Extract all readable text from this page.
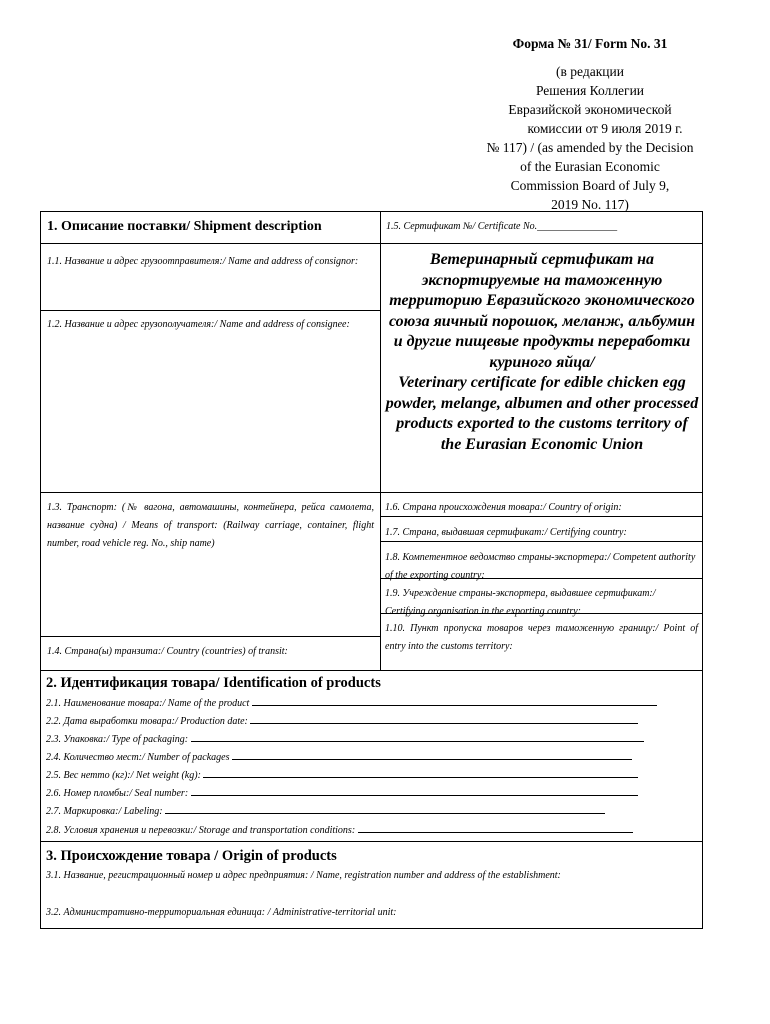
Форма № 31/ Form No. 31
(в редакции
Решения Коллегии
Евразийской экономической
комиссии от 9 июля 2019 г.
№ 117) / (as amended by the Decision
of the Eurasian Economic
Commission Board of July 9,
2019 No. 117)
1. Описание поставки/ Shipment description	1.5. Сертификат №/ Certificate No.________________
1.1. Название и адрес грузоотправителя:/ Name and address of consignor:
1.2. Название и адрес грузополучателя:/ Name and address of consignee:
Ветеринарный сертификат на экспортируемые на таможенную территорию Евразийского экономического союза яичный порошок, меланж, альбумин и другие пищевые продукты переработки куриного яйца/
Veterinary certificate for edible chicken egg powder, melange, albumen and other processed products exported to the customs territory of the Eurasian Economic Union
1.3. Транспорт: (№ вагона, автомашины, контейнера, рейса самолета, название судна) / Means of transport: (Railway carriage, container, flight number, road vehicle reg. No., ship name)
1.4. Страна(ы) транзита:/ Country (countries) of transit:
1.6. Страна происхождения товара:/ Country of origin:
1.7. Страна, выдавшая сертификат:/ Certifying country:
1.8. Компетентное ведомство страны-экспортера:/ Competent authority of the exporting country:
1.9. Учреждение страны-экспортера, выдавшее сертификат:/ Certifying organisation in the exporting country:
1.10. Пункт пропуска товаров через таможенную границу:/ Point of entry into the customs territory:
2. Идентификация товара/ Identification of products
2.1. Наименование товара:/ Name of the product
2.2. Дата выработки товара:/ Production date:
2.3. Упаковка:/ Type of packaging:
2.4. Количество мест:/ Number of packages
2.5. Вес нетто (кг):/ Net weight (kg):
2.6. Номер пломбы:/ Seal number:
2.7. Маркировка:/ Labeling:
2.8. Условия хранения и перевозки:/ Storage and transportation conditions:
3. Происхождение товара / Origin of products
3.1. Название, регистрационный номер и адрес предприятия: / Name, registration number and address of the establishment:
3.2. Административно-территориальная единица: / Administrative-territorial unit:
